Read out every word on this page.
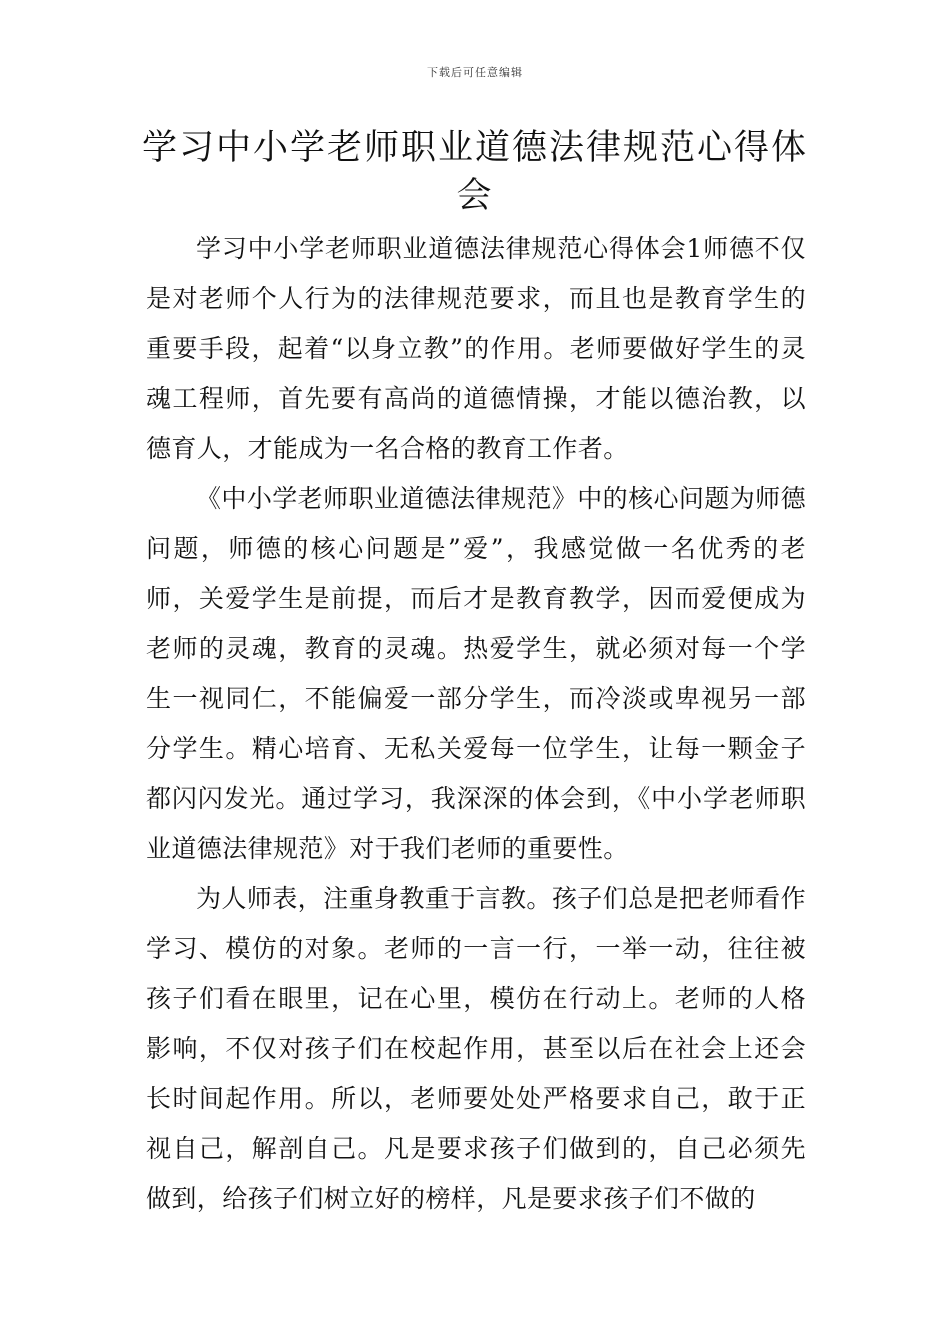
下载后可任意编辑
学习中小学老师职业道德法律规范心得体会

学习中小学老师职业道德法律规范心得体会1师德不仅是对老师个人行为的法律规范要求，而且也是教育学生的重要手段，起着“以身立教”的作用。老师要做好学生的灵魂工程师，首先要有高尚的道德情操，才能以德治教，以德育人，才能成为一名合格的教育工作者。

《中小学老师职业道德法律规范》中的核心问题为师德问题，师德的核心问题是”爱”，我感觉做一名优秀的老师，关爱学生是前提，而后才是教育教学，因而爱便成为老师的灵魂，教育的灵魂。热爱学生，就必须对每一个学生一视同仁，不能偏爱一部分学生，而冷淡或卑视另一部分学生。精心培育、无私关爱每一位学生，让每一颗金子都闪闪发光。通过学习，我深深的体会到，《中小学老师职业道德法律规范》对于我们老师的重要性。

为人师表，注重身教重于言教。孩子们总是把老师看作学习、模仿的对象。老师的一言一行，一举一动，往往被孩子们看在眼里，记在心里，模仿在行动上。老师的人格影响，不仅对孩子们在校起作用，甚至以后在社会上还会长时间起作用。所以，老师要处处严格要求自己，敢于正视自己，解剖自己。凡是要求孩子们做到的，自己必须先做到，给孩子们树立好的榜样，凡是要求孩子们不做的
